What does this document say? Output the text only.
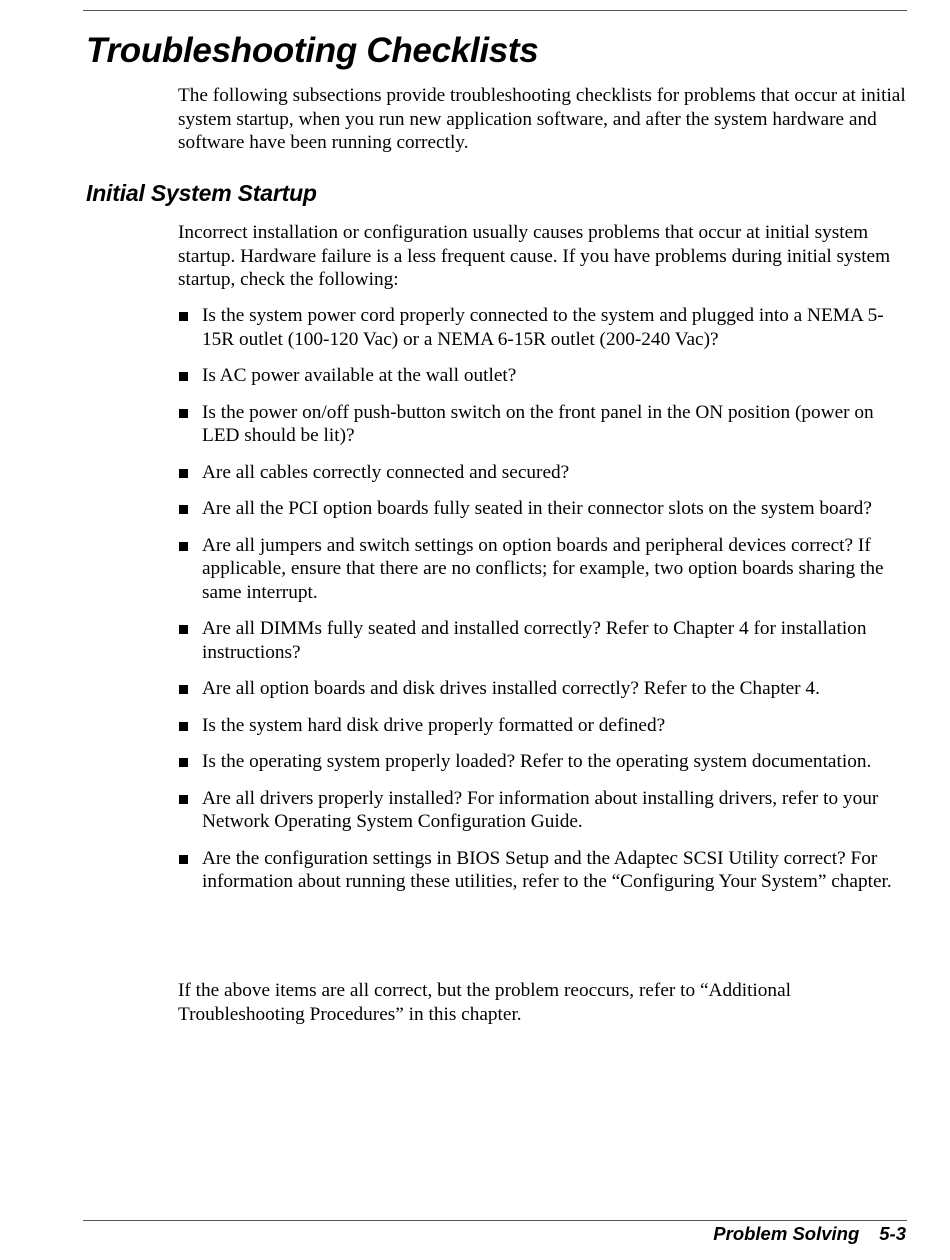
Troubleshooting Checklists

The following subsections provide troubleshooting checklists for problems that occur at initial system startup, when you run new application software, and after the system hardware and software have been running correctly.

Initial System Startup

Incorrect installation or configuration usually causes problems that occur at initial system startup. Hardware failure is a less frequent cause. If you have problems during initial system startup, check the following:

Is the system power cord properly connected to the system and plugged into a NEMA 5-15R outlet (100-120 Vac) or a NEMA 6-15R outlet (200-240 Vac)?
Is AC power available at the wall outlet?
Is the power on/off push-button switch on the front panel in the ON position (power on LED should be lit)?
Are all cables correctly connected and secured?
Are all the PCI option boards fully seated in their connector slots on the system board?
Are all jumpers and switch settings on option boards and peripheral devices correct? If applicable, ensure that there are no conflicts; for example, two option boards sharing the same interrupt.
Are all DIMMs fully seated and installed correctly? Refer to Chapter 4 for installation instructions?
Are all option boards and disk drives installed correctly? Refer to the Chapter 4.
Is the system hard disk drive properly formatted or defined?
Is the operating system properly loaded? Refer to the operating system documentation.
Are all drivers properly installed? For information about installing drivers, refer to your Network Operating System Configuration Guide.
Are the configuration settings in BIOS Setup and the Adaptec SCSI Utility correct? For information about running these utilities, refer to the “Configuring Your System” chapter.

If the above items are all correct, but the problem reoccurs, refer to “Additional Troubleshooting Procedures” in this chapter.

Problem Solving 5-3
